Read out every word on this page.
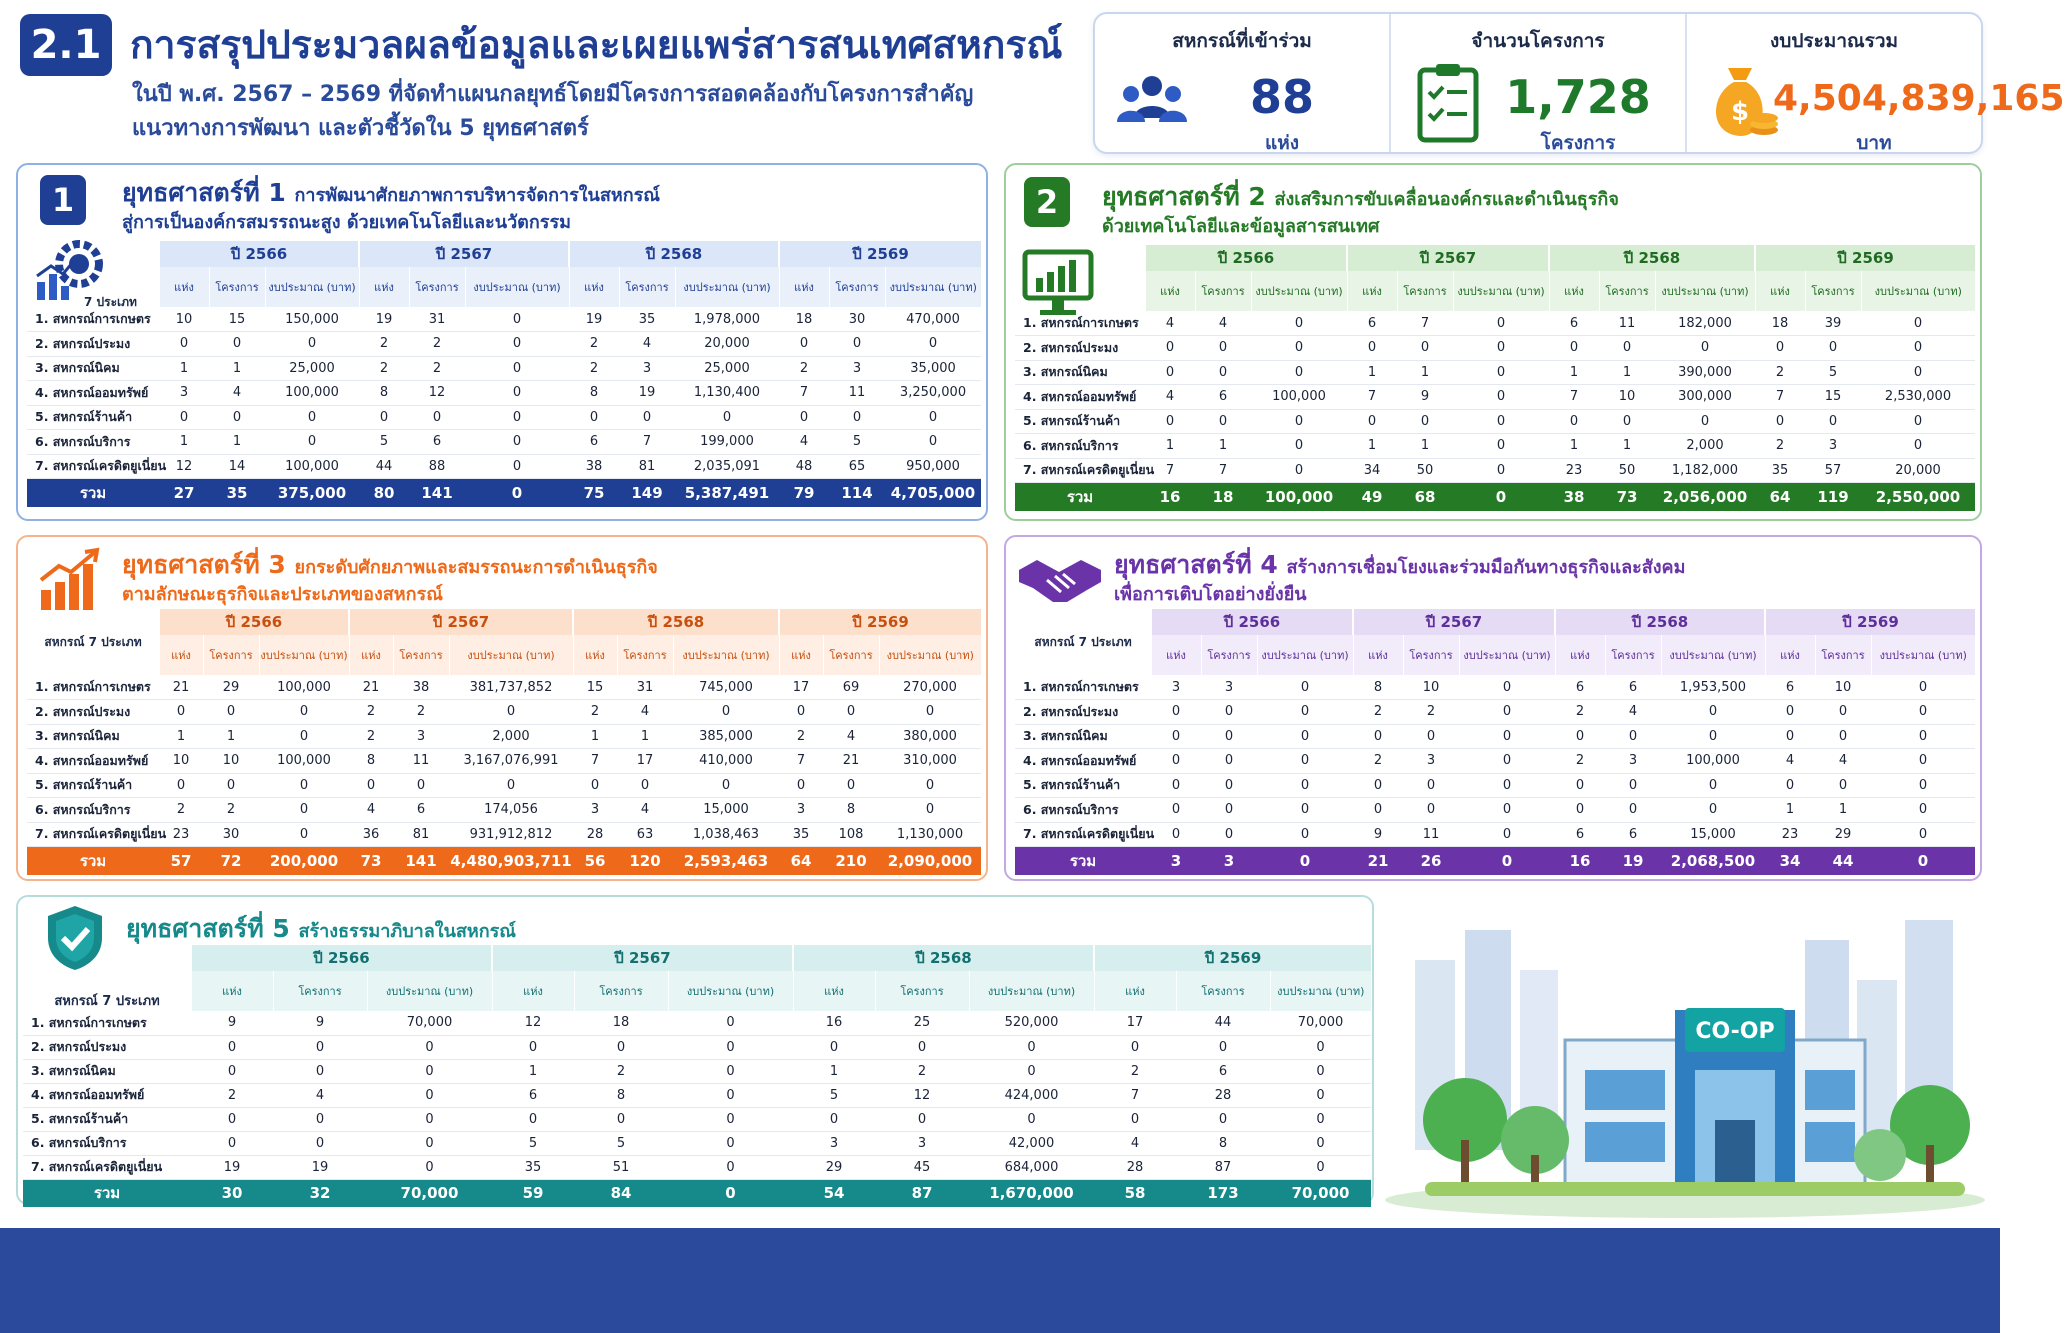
2.1 การสรุปประมวลผลข้อมูลและเผยแพร่สารสนเทศสหกรณ์
ในปี พ.ศ. 2567 – 2569 ที่จัดทำแผนกลยุทธ์โดยมีโครงการสอดคล้องกับโครงการสำคัญ
แนวทางการพัฒนา และตัวชี้วัดใน 5 ยุทธศาสตร์
สหกรณ์ที่เข้าร่วม
88
แห่ง
จำนวนโครงการ
1,728
โครงการ
งบประมาณรวม
$ 4,504,839,165
บาท
1	ยุทธศาสตร์ที่ 1 การพัฒนาศักยภาพการบริหารจัดการในสหกรณ์
สู่การเป็นองค์กรสมรรถนะสูง ด้วยเทคโนโลยีและนวัตกรรม
7 ประเภท
	ปี 2566			ปี 2567			ปี 2568			ปี 2569		
	แห่ง	โครงการ	งบประมาณ (บาท)	แห่ง	โครงการ	งบประมาณ (บาท)	แห่ง	โครงการ	งบประมาณ (บาท)	แห่ง	โครงการ	งบประมาณ (บาท)
1. สหกรณ์การเกษตร	10	15	150,000	19	31	0	19	35	1,978,000	18	30	470,000
2. สหกรณ์ประมง	0	0	0	2	2	0	2	4	20,000	0	0	0
3. สหกรณ์นิคม	1	1	25,000	2	2	0	2	3	25,000	2	3	35,000
4. สหกรณ์ออมทรัพย์	3	4	100,000	8	12	0	8	19	1,130,400	7	11	3,250,000
5. สหกรณ์ร้านค้า	0	0	0	0	0	0	0	0	0	0	0	0
6. สหกรณ์บริการ	1	1	0	5	6	0	6	7	199,000	4	5	0
7. สหกรณ์เครดิตยูเนี่ยน	12	14	100,000	44	88	0	38	81	2,035,091	48	65	950,000
รวม	27	35	375,000	80	141	0	75	149	5,387,491	79	114	4,705,000
2	ยุทธศาสตร์ที่ 2 ส่งเสริมการขับเคลื่อนองค์กรและดำเนินธุรกิจ
ด้วยเทคโนโลยีและข้อมูลสารสนเทศ
	ปี 2566			ปี 2567			ปี 2568			ปี 2569		
	แห่ง	โครงการ	งบประมาณ (บาท)	แห่ง	โครงการ	งบประมาณ (บาท)	แห่ง	โครงการ	งบประมาณ (บาท)	แห่ง	โครงการ	งบประมาณ (บาท)
1. สหกรณ์การเกษตร	4	4	0	6	7	0	6	11	182,000	18	39	0
2. สหกรณ์ประมง	0	0	0	0	0	0	0	0	0	0	0	0
3. สหกรณ์นิคม	0	0	0	1	1	0	1	1	390,000	2	5	0
4. สหกรณ์ออมทรัพย์	4	6	100,000	7	9	0	7	10	300,000	7	15	2,530,000
5. สหกรณ์ร้านค้า	0	0	0	0	0	0	0	0	0	0	0	0
6. สหกรณ์บริการ	1	1	0	1	1	0	1	1	2,000	2	3	0
7. สหกรณ์เครดิตยูเนี่ยน	7	7	0	34	50	0	23	50	1,182,000	35	57	20,000
รวม	16	18	100,000	49	68	0	38	73	2,056,000	64	119	2,550,000
ยุทธศาสตร์ที่ 3 ยกระดับศักยภาพและสมรรถนะการดำเนินธุรกิจ
ตามลักษณะธุรกิจและประเภทของสหกรณ์
สหกรณ์ 7 ประเภท	ปี 2566			ปี 2567			ปี 2568			ปี 2569		
	แห่ง	โครงการ	งบประมาณ (บาท)	แห่ง	โครงการ	งบประมาณ (บาท)	แห่ง	โครงการ	งบประมาณ (บาท)	แห่ง	โครงการ	งบประมาณ (บาท)
1. สหกรณ์การเกษตร	21	29	100,000	21	38	381,737,852	15	31	745,000	17	69	270,000
2. สหกรณ์ประมง	0	0	0	2	2	0	2	4	0	0	0	0
3. สหกรณ์นิคม	1	1	0	2	3	2,000	1	1	385,000	2	4	380,000
4. สหกรณ์ออมทรัพย์	10	10	100,000	8	11	3,167,076,991	7	17	410,000	7	21	310,000
5. สหกรณ์ร้านค้า	0	0	0	0	0	0	0	0	0	0	0	0
6. สหกรณ์บริการ	2	2	0	4	6	174,056	3	4	15,000	3	8	0
7. สหกรณ์เครดิตยูเนี่ยน	23	30	0	36	81	931,912,812	28	63	1,038,463	35	108	1,130,000
รวม	57	72	200,000	73	141	4,480,903,711	56	120	2,593,463	64	210	2,090,000
ยุทธศาสตร์ที่ 4 สร้างการเชื่อมโยงและร่วมมือกันทางธุรกิจและสังคม
เพื่อการเติบโตอย่างยั่งยืน
สหกรณ์ 7 ประเภท	ปี 2566			ปี 2567			ปี 2568			ปี 2569		
	แห่ง	โครงการ	งบประมาณ (บาท)	แห่ง	โครงการ	งบประมาณ (บาท)	แห่ง	โครงการ	งบประมาณ (บาท)	แห่ง	โครงการ	งบประมาณ (บาท)
1. สหกรณ์การเกษตร	3	3	0	8	10	0	6	6	1,953,500	6	10	0
2. สหกรณ์ประมง	0	0	0	2	2	0	2	4	0	0	0	0
3. สหกรณ์นิคม	0	0	0	0	0	0	0	0	0	0	0	0
4. สหกรณ์ออมทรัพย์	0	0	0	2	3	0	2	3	100,000	4	4	0
5. สหกรณ์ร้านค้า	0	0	0	0	0	0	0	0	0	0	0	0
6. สหกรณ์บริการ	0	0	0	0	0	0	0	0	0	1	1	0
7. สหกรณ์เครดิตยูเนี่ยน	0	0	0	9	11	0	6	6	15,000	23	29	0
รวม	3	3	0	21	26	0	16	19	2,068,500	34	44	0
ยุทธศาสตร์ที่ 5 สร้างธรรมาภิบาลในสหกรณ์
สหกรณ์ 7 ประเภท	ปี 2566			ปี 2567			ปี 2568			ปี 2569		
	แห่ง	โครงการ	งบประมาณ (บาท)	แห่ง	โครงการ	งบประมาณ (บาท)	แห่ง	โครงการ	งบประมาณ (บาท)	แห่ง	โครงการ	งบประมาณ (บาท)
1. สหกรณ์การเกษตร	9	9	70,000	12	18	0	16	25	520,000	17	44	70,000
2. สหกรณ์ประมง	0	0	0	0	0	0	0	0	0	0	0	0
3. สหกรณ์นิคม	0	0	0	1	2	0	1	2	0	2	6	0
4. สหกรณ์ออมทรัพย์	2	4	0	6	8	0	5	12	424,000	7	28	0
5. สหกรณ์ร้านค้า	0	0	0	0	0	0	0	0	0	0	0	0
6. สหกรณ์บริการ	0	0	0	5	5	0	3	3	42,000	4	8	0
7. สหกรณ์เครดิตยูเนี่ยน	19	19	0	35	51	0	29	45	684,000	28	87	0
รวม	30	32	70,000	59	84	0	54	87	1,670,000	58	173	70,000
CO-OP
